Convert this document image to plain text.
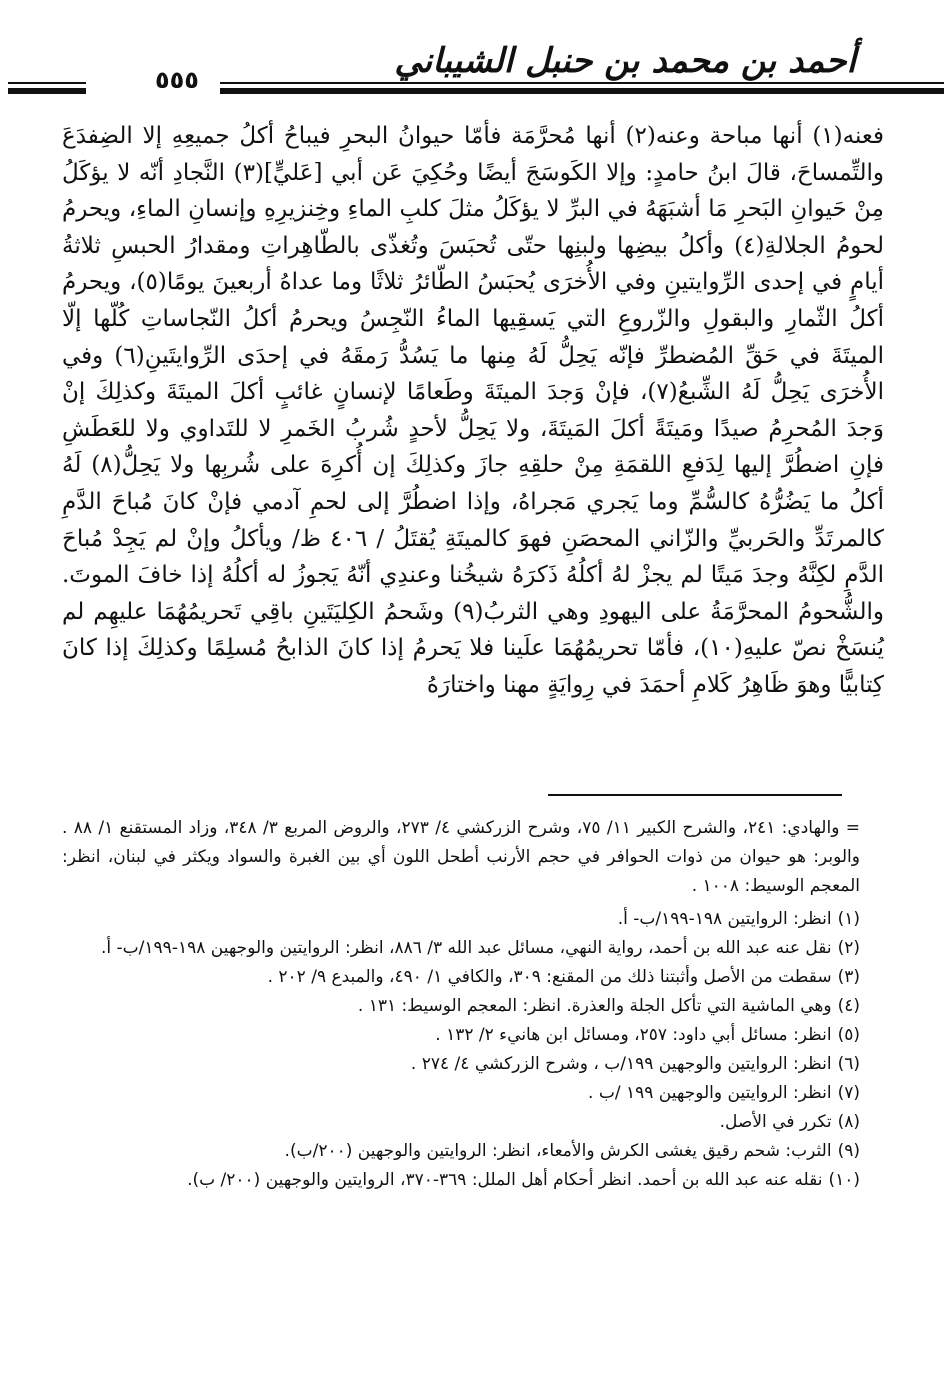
أحمد بن محمد بن حنبل الشيباني
٥٥٥

فعنه(١) أنها مباحة وعنه(٢) أنها مُحرَّمَة فأمّا حيوانُ البحرِ فيباحُ أكلُ جميعِهِ إلا الضِفدَعَ والتِّمساحَ، قالَ ابنُ حامدٍ: وإلا الكَوسَجَ أيضًا وحُكِيَ عَن أبي [عَليٍّ](٣) النَّجادِ أنّه لا يؤكَلُ مِنْ حَيوانِ البَحرِ مَا أشبَهَهُ في البرِّ لا يؤكَلُ مثلَ كلبِ الماءِ وخِنزيرِهِ وإنسانِ الماءِ، ويحرمُ لحومُ الجلالةِ(٤) وأكلُ بيضِها ولبنِها حتّى تُحبَسَ وتُغذّى بالطّاهِراتِ ومقدارُ الحبسِ ثلاثةُ أيامٍ في إحدى الرِّوايتينِ وفي الأُخرَى يُحبَسُ الطّائرُ ثلاثًا وما عداهُ أربعينَ يومًا(٥)، ويحرمُ أكلُ الثّمارِ والبقولِ والزّروعِ التي يَسقِيها الماءُ النّجِسُ ويحرمُ أكلُ النّجاساتِ كُلّها إلّا الميتَةَ في حَقِّ المُضطرِّ فإنّه يَحِلُّ لَهُ مِنها ما يَسُدُّ رَمقَهُ في إحدَى الرِّوايتَينِ(٦) وفي الأُخرَى يَحِلُّ لَهُ الشِّبعُ(٧)، فإنْ وَجدَ الميتَةَ وطَعامًا لإنسانٍ غائبٍ أكلَ الميتَةَ وكذلِكَ إنْ وَجدَ المُحرِمُ صيدًا ومَيتَةً أكلَ المَيتَةَ، ولا يَحِلُّ لأحدٍ شُربُ الخَمرِ لا للتَداوي ولا للعَطَشِ فإنِ اضطُرَّ إليها لِدَفعِ اللقمَةِ مِنْ حلقِهِ جازَ وكذلِكَ إن أُكرِهَ على شُربِها ولا يَحِلُّ(٨) لَهُ أكلُ ما يَضُرُّهُ كالسُّمِّ وما يَجري مَجراهُ، وإذا اضطُرَّ إلى لحمِ آدمي فإنْ كانَ مُباحَ الدَّمِ كالمرتَدِّ والحَربيِّ والزّاني المحصَنِ فهوَ كالميتَةِ يُقتَلُ / ٤٠٦ ظ/ ويأكلُ وإنْ لم يَجِدْ مُباحَ الدَّمِ لكِنَّهُ وجدَ مَيتًا لم يجزْ لهُ أكلُهُ ذَكرَهُ شيخُنا وعندِي أنّهُ يَجوزُ له أكلُهُ إذا خافَ الموتَ. والشُّحومُ المحرَّمَةُ على اليهودِ وهي الثربُ(٩) وشَحمُ الكِليَتَينِ باقِي تَحريمُهُمَا عليهِم لم يُنسَخْ نصّ عليهِ(١٠)، فأمّا تحريمُهُمَا علَينا فلا يَحرمُ إذا كانَ الذابحُ مُسلِمًا وكذلِكَ إذا كانَ كِتابيًّا وهوَ ظَاهِرُ كَلامِ أحمَدَ في رِوايَةٍ مهنا واختارَهُ

= والهادي: ٢٤١، والشرح الكبير ١١/ ٧٥، وشرح الزركشي ٤/ ٢٧٣، والروض المربع ٣/ ٣٤٨، وزاد المستقنع ١/ ٨٨ . والوبر: هو حيوان من ذوات الحوافر في حجم الأرنب أطحل اللون أي بين الغبرة والسواد ويكثر في لبنان، انظر: المعجم الوسيط: ١٠٠٨ .

(١)
انظر: الروايتين ١٩٨-١٩٩/ب- أ.
(٢)
نقل عنه عبد الله بن أحمد، رواية النهي، مسائل عبد الله ٣/ ٨٨٦، انظر: الروايتين والوجهين ١٩٨-١٩٩/ب- أ.
(٣)
سقطت من الأصل وأثبتنا ذلك من المقنع: ٣٠٩، والكافي ١/ ٤٩٠، والمبدع ٩/ ٢٠٢ .
(٤)
وهي الماشية التي تأكل الجلة والعذرة. انظر: المعجم الوسيط: ١٣١ .
(٥)
انظر: مسائل أبي داود: ٢٥٧، ومسائل ابن هانيء ٢/ ١٣٢ .
(٦)
انظر: الروايتين والوجهين ١٩٩/ب ، وشرح الزركشي ٤/ ٢٧٤ .
(٧)
انظر: الروايتين والوجهين ١٩٩ /ب .
(٨)
تكرر في الأصل.
(٩)
الثرب: شحم رقيق يغشى الكرش والأمعاء، انظر: الروايتين والوجهين (٢٠٠/ب).
(١٠)
نقله عنه عبد الله بن أحمد. انظر أحكام أهل الملل: ٣٦٩-٣٧٠، الروايتين والوجهين (٢٠٠/ ب).
